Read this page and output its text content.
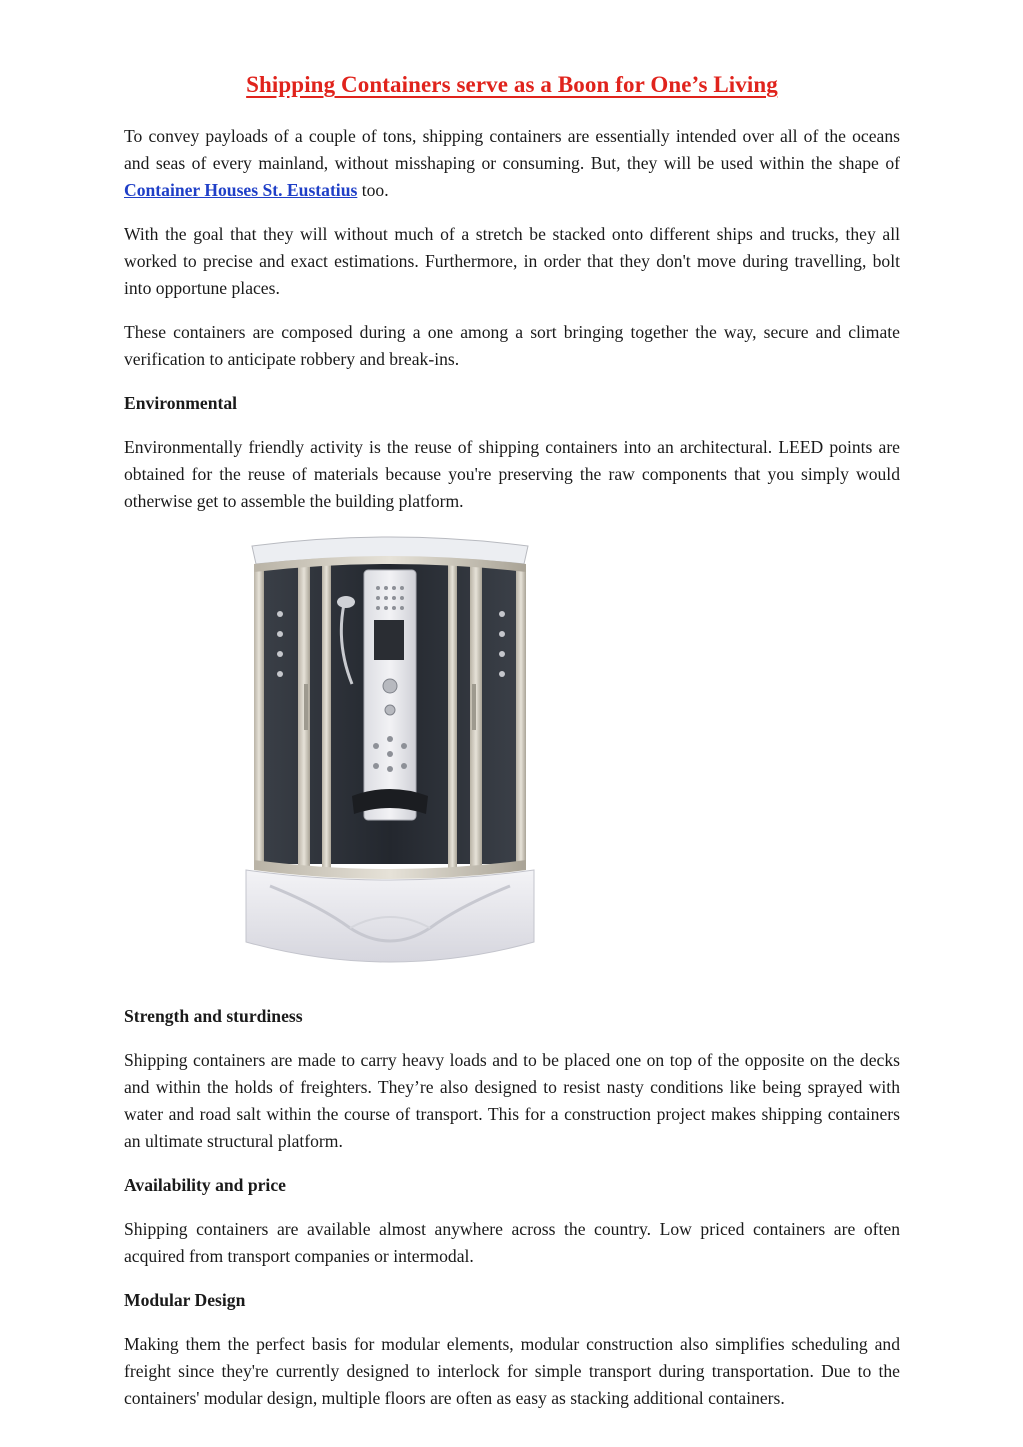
Shipping Containers serve as a Boon for One’s Living

To convey payloads of a couple of tons, shipping containers are essentially intended over all of the oceans and seas of every mainland, without misshaping or consuming. But, they will be used within the shape of Container Houses St. Eustatius too.

With the goal that they will without much of a stretch be stacked onto different ships and trucks, they all worked to precise and exact estimations. Furthermore, in order that they don't move during travelling, bolt into opportune places.

These containers are composed during a one among a sort bringing together the way, secure and climate verification to anticipate robbery and break-ins.

Environmental

Environmentally friendly activity is the reuse of shipping containers into an architectural. LEED points are obtained for the reuse of materials because you're preserving the raw components that you simply would otherwise get to assemble the building platform.

Strength and sturdiness

Shipping containers are made to carry heavy loads and to be placed one on top of the opposite on the decks and within the holds of freighters. They’re also designed to resist nasty conditions like being sprayed with water and road salt within the course of transport. This for a construction project makes shipping containers an ultimate structural platform.

Availability and price

Shipping containers are available almost anywhere across the country. Low priced containers are often acquired from transport companies or intermodal.

Modular Design

Making them the perfect basis for modular elements, modular construction also simplifies scheduling and freight since they're currently designed to interlock for simple transport during transportation. Due to the containers' modular design, multiple floors are often as easy as stacking additional containers.
